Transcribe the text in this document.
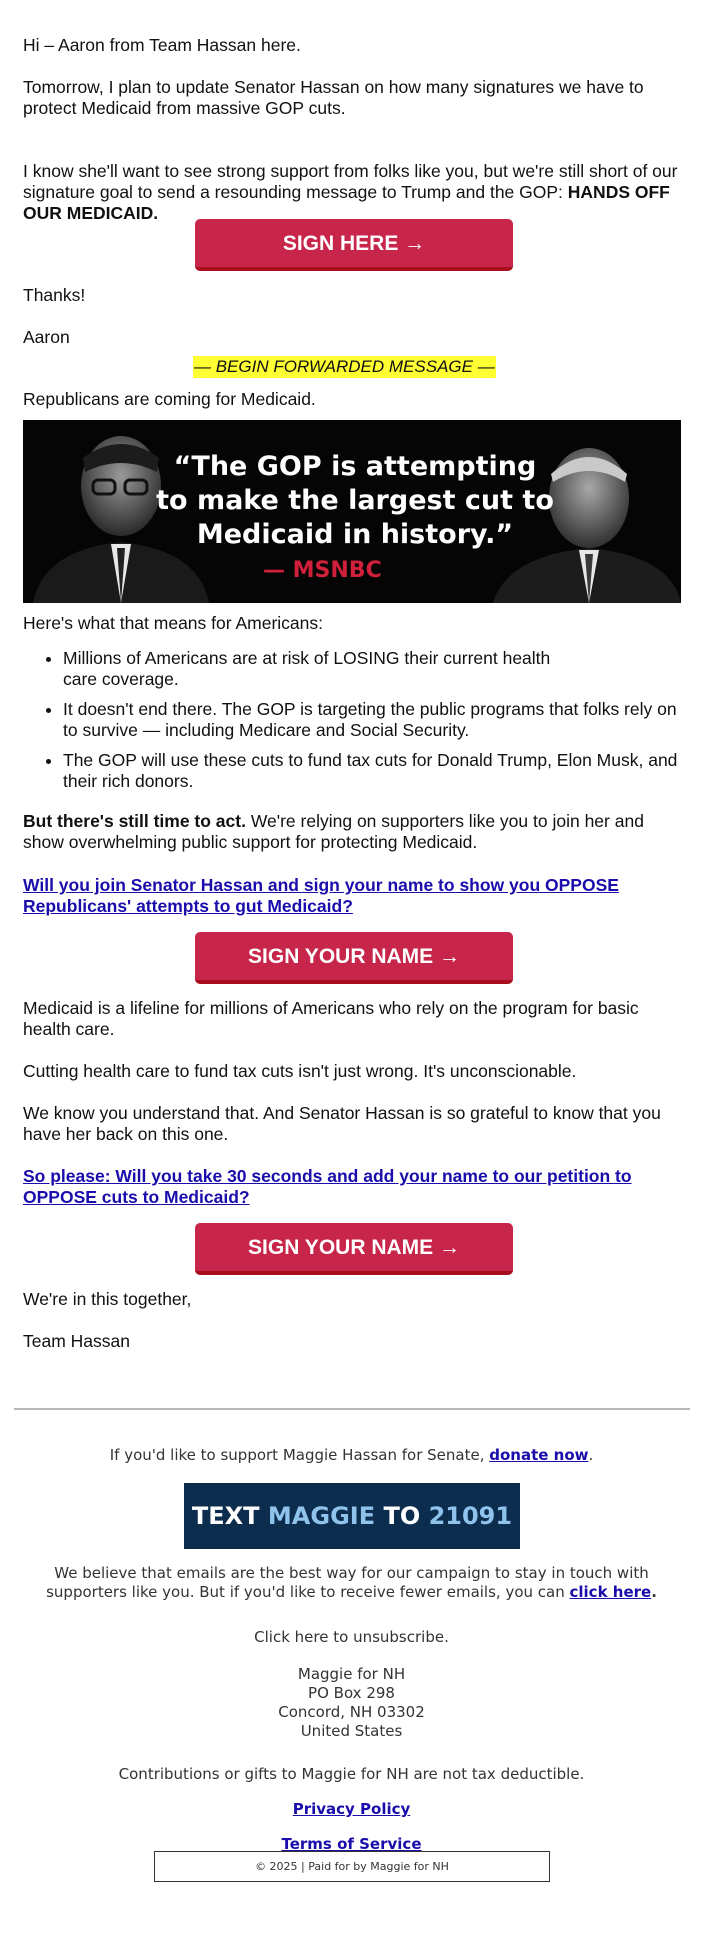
Hi – Aaron from Team Hassan here.

Tomorrow, I plan to update Senator Hassan on how many signatures we have to protect Medicaid from massive GOP cuts.

I know she'll want to see strong support from folks like you, but we're still short of our signature goal to send a resounding message to Trump and the GOP: HANDS OFF OUR MEDICAID.

SIGN HERE →

Thanks!

Aaron

— BEGIN FORWARDED MESSAGE —

Republicans are coming for Medicaid.

“The GOP is attempting to make the largest cut to Medicaid in history.”
— MSNBC

Here's what that means for Americans:

• Millions of Americans are at risk of LOSING their current health care coverage.
• It doesn't end there. The GOP is targeting the public programs that folks rely on to survive — including Medicare and Social Security.
• The GOP will use these cuts to fund tax cuts for Donald Trump, Elon Musk, and their rich donors.

But there's still time to act. We're relying on supporters like you to join her and show overwhelming public support for protecting Medicaid.

Will you join Senator Hassan and sign your name to show you OPPOSE Republicans' attempts to gut Medicaid?

SIGN YOUR NAME →

Medicaid is a lifeline for millions of Americans who rely on the program for basic health care.

Cutting health care to fund tax cuts isn't just wrong. It's unconscionable.

We know you understand that. And Senator Hassan is so grateful to know that you have her back on this one.

So please: Will you take 30 seconds and add your name to our petition to OPPOSE cuts to Medicaid?

SIGN YOUR NAME →

We're in this together,

Team Hassan

If you'd like to support Maggie Hassan for Senate, donate now.

We believe that emails are the best way for our campaign to stay in touch with supporters like you. But if you'd like to receive fewer emails, you can click here.

Click here to unsubscribe.

Maggie for NH
PO Box 298
Concord, NH 03302
United States

Contributions or gifts to Maggie for NH are not tax deductible.

Privacy Policy

Terms of Service

TEXT MAGGIE TO 21091
© 2025 | Paid for by Maggie for NH
